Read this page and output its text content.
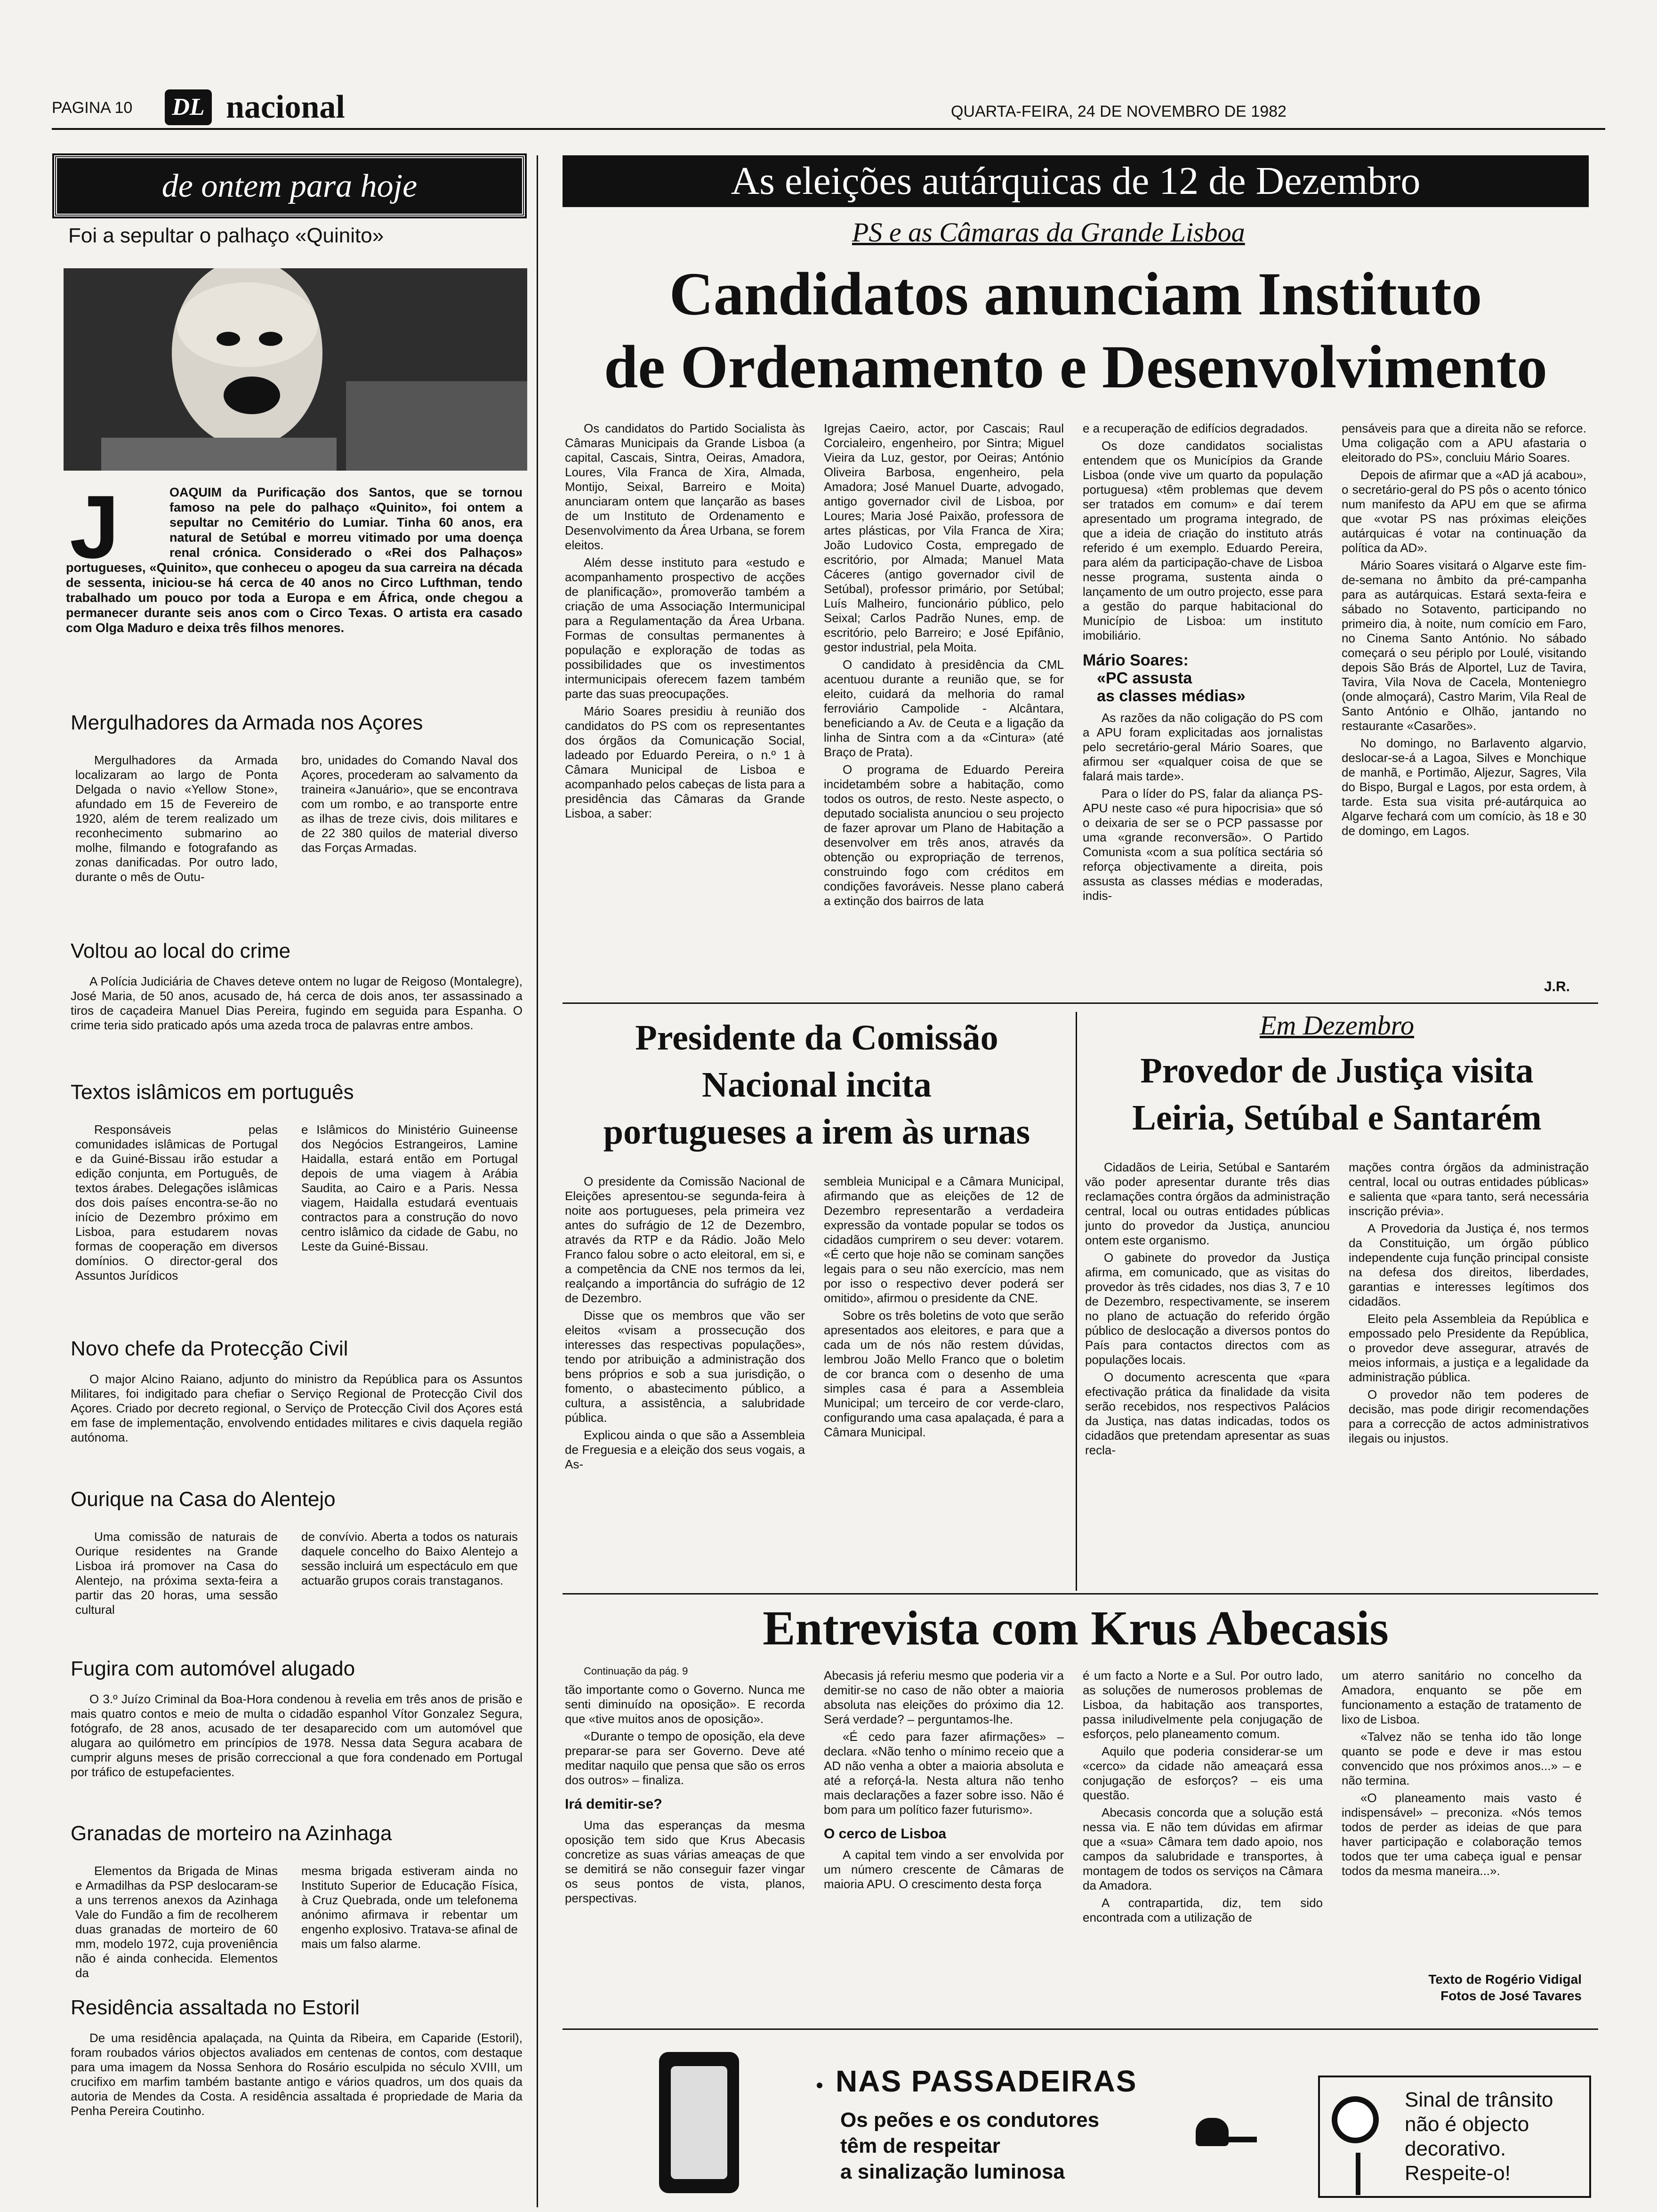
PAGINA 10 DL nacional	QUARTA-FEIRA, 24 DE NOVEMBRO DE 1982
de ontem para hoje
Foi a sepultar o palhaço «Quinito»
J	OAQUIM da Purificação dos Santos, que se tornou famoso na pele do palhaço «Quinito», foi ontem a sepultar no Cemitério do Lumiar. Tinha 60 anos, era natural de Setúbal e morreu vitimado por uma doença renal crónica. Considerado o «Rei dos Palhaços» portugueses, «Quinito», que conheceu o apogeu da sua carreira na década de sessenta, iniciou-se há cerca de 40 anos no Circo Lufthman, tendo trabalhado um pouco por toda a Europa e em África, onde chegou a permanecer durante seis anos com o Circo Texas. O artista era casado com Olga Maduro e deixa três filhos menores.
Mergulhadores da Armada nos Açores

Mergulhadores da Armada localizaram ao largo de Ponta Delgada o navio «Yellow Stone», afundado em 15 de Fevereiro de 1920, além de terem realizado um reconhecimento submarino ao molhe, filmando e fotografando as zonas danificadas. Por outro lado, durante o mês de Outu-

bro, unidades do Comando Naval dos Açores, procederam ao salvamento da traineira «Januário», que se encontrava com um rombo, e ao transporte entre as ilhas de treze civis, dois militares e de 22 380 quilos de material diverso das Forças Armadas.

Voltou ao local do crime

A Polícia Judiciária de Chaves deteve ontem no lugar de Reigoso (Montalegre), José Maria, de 50 anos, acusado de, há cerca de dois anos, ter assassinado a tiros de caçadeira Manuel Dias Pereira, fugindo em seguida para Espanha. O crime teria sido praticado após uma azeda troca de palavras entre ambos.

Textos islâmicos em português

Responsáveis pelas comunidades islâmicas de Portugal e da Guiné-Bissau irão estudar a edição conjunta, em Português, de textos árabes. Delegações islâmicas dos dois países encontra-se-ão no início de Dezembro próximo em Lisboa, para estudarem novas formas de cooperação em diversos domínios. O director-geral dos Assuntos Jurídicos

e Islâmicos do Ministério Guineense dos Negócios Estrangeiros, Lamine Haidalla, estará então em Portugal depois de uma viagem à Arábia Saudita, ao Cairo e a Paris. Nessa viagem, Haidalla estudará eventuais contractos para a construção do novo centro islâmico da cidade de Gabu, no Leste da Guiné-Bissau.

Novo chefe da Protecção Civil

O major Alcino Raiano, adjunto do ministro da República para os Assuntos Militares, foi indigitado para chefiar o Serviço Regional de Protecção Civil dos Açores. Criado por decreto regional, o Serviço de Protecção Civil dos Açores está em fase de implementação, envolvendo entidades militares e civis daquela região autónoma.

Ourique na Casa do Alentejo

Uma comissão de naturais de Ourique residentes na Grande Lisboa irá promover na Casa do Alentejo, na próxima sexta-feira a partir das 20 horas, uma sessão cultural

de convívio. Aberta a todos os naturais daquele concelho do Baixo Alentejo a sessão incluirá um espectáculo em que actuarão grupos corais transtaganos.

Fugira com automóvel alugado

O 3.º Juízo Criminal da Boa-Hora condenou à revelia em três anos de prisão e mais quatro contos e meio de multa o cidadão espanhol Vítor Gonzalez Segura, fotógrafo, de 28 anos, acusado de ter desaparecido com um automóvel que alugara ao quilómetro em princípios de 1978. Nessa data Segura acabara de cumprir alguns meses de prisão correccional a que fora condenado em Portugal por tráfico de estupefacientes.

Granadas de morteiro na Azinhaga

Elementos da Brigada de Minas e Armadilhas da PSP deslocaram-se a uns terrenos anexos da Azinhaga Vale do Fundão a fim de recolherem duas granadas de morteiro de 60 mm, modelo 1972, cuja proveniência não é ainda conhecida. Elementos da

mesma brigada estiveram ainda no Instituto Superior de Educação Física, à Cruz Quebrada, onde um telefonema anónimo afirmava ir rebentar um engenho explosivo. Tratava-se afinal de mais um falso alarme.

Residência assaltada no Estoril

De uma residência apalaçada, na Quinta da Ribeira, em Caparide (Estoril), foram roubados vários objectos avaliados em centenas de contos, com destaque para uma imagem da Nossa Senhora do Rosário esculpida no século XVIII, um crucifixo em marfim também bastante antigo e vários quadros, um dos quais da autoria de Mendes da Costa. A residência assaltada é propriedade de Maria da Penha Pereira Coutinho.

As eleições autárquicas de 12 de Dezembro
PS e as Câmaras da Grande Lisboa
Candidatos anunciam Instituto
de Ordenamento e Desenvolvimento

Os candidatos do Partido Socialista às Câmaras Municipais da Grande Lisboa (a capital, Cascais, Sintra, Oeiras, Amadora, Loures, Vila Franca de Xira, Almada, Montijo, Seixal, Barreiro e Moita) anunciaram ontem que lançarão as bases de um Instituto de Ordenamento e Desenvolvimento da Área Urbana, se forem eleitos.

Além desse instituto para «estudo e acompanhamento prospectivo de acções de planificação», promoverão também a criação de uma Associação Intermunicipal para a Regulamentação da Área Urbana. Formas de consultas permanentes à população e exploração de todas as possibilidades que os investimentos intermunicipais oferecem fazem também parte das suas preocupações.

Mário Soares presidiu à reunião dos candidatos do PS com os representantes dos órgãos da Comunicação Social, ladeado por Eduardo Pereira, o n.º 1 à Câmara Municipal de Lisboa e acompanhado pelos cabeças de lista para a presidência das Câmaras da Grande Lisboa, a saber:

Igrejas Caeiro, actor, por Cascais; Raul Corcialeiro, engenheiro, por Sintra; Miguel Vieira da Luz, gestor, por Oeiras; António Oliveira Barbosa, engenheiro, pela Amadora; José Manuel Duarte, advogado, antigo governador civil de Lisboa, por Loures; Maria José Paixão, professora de artes plásticas, por Vila Franca de Xira; João Ludovico Costa, empregado de escritório, por Almada; Manuel Mata Cáceres (antigo governador civil de Setúbal), professor primário, por Setúbal; Luís Malheiro, funcionário público, pelo Seixal; Carlos Padrão Nunes, emp. de escritório, pelo Barreiro; e José Epifânio, gestor industrial, pela Moita.

O candidato à presidência da CML acentuou durante a reunião que, se for eleito, cuidará da melhoria do ramal ferroviário Campolide - Alcântara, beneficiando a Av. de Ceuta e a ligação da linha de Sintra com a da «Cintura» (até Braço de Prata).

O programa de Eduardo Pereira incidetambém sobre a habitação, como todos os outros, de resto. Neste aspecto, o deputado socialista anunciou o seu projecto de fazer aprovar um Plano de Habitação a desenvolver em três anos, através da obtenção ou expropriação de terrenos, construindo fogo com créditos em condições favoráveis. Nesse plano caberá a extinção dos bairros de lata

e a recuperação de edifícios degradados.

Os doze candidatos socialistas entendem que os Municípios da Grande Lisboa (onde vive um quarto da população portuguesa) «têm problemas que devem ser tratados em comum» e daí terem apresentado um programa integrado, de que a ideia de criação do instituto atrás referido é um exemplo. Eduardo Pereira, para além da participação-chave de Lisboa nesse programa, sustenta ainda o lançamento de um outro projecto, esse para a gestão do parque habitacional do Município de Lisboa: um instituto imobiliário.

Mário Soares:
«PC assusta
as classes médias»

As razões da não coligação do PS com a APU foram explicitadas aos jornalistas pelo secretário-geral Mário Soares, que afirmou ser «qualquer coisa de que se falará mais tarde».

Para o líder do PS, falar da aliança PS-APU neste caso «é pura hipocrisia» que só o deixaria de ser se o PCP passasse por uma «grande reconversão». O Partido Comunista «com a sua política sectária só reforça objectivamente a direita, pois assusta as classes médias e moderadas, indis-

pensáveis para que a direita não se reforce. Uma coligação com a APU afastaria o eleitorado do PS», concluiu Mário Soares.

Depois de afirmar que a «AD já acabou», o secretário-geral do PS pôs o acento tónico num manifesto da APU em que se afirma que «votar PS nas próximas eleições autárquicas é votar na continuação da política da AD».

Mário Soares visitará o Algarve este fim-de-semana no âmbito da pré-campanha para as autárquicas. Estará sexta-feira e sábado no Sotavento, participando no primeiro dia, à noite, num comício em Faro, no Cinema Santo António. No sábado começará o seu périplo por Loulé, visitando depois São Brás de Alportel, Luz de Tavira, Tavira, Vila Nova de Cacela, Monteniegro (onde almoçará), Castro Marim, Vila Real de Santo António e Olhão, jantando no restaurante «Casarões».

No domingo, no Barlavento algarvio, deslocar-se-á a Lagoa, Silves e Monchique de manhã, e Portimão, Aljezur, Sagres, Vila do Bispo, Burgal e Lagos, por esta ordem, à tarde. Esta sua visita pré-autárquica ao Algarve fechará com um comício, às 18 e 30 de domingo, em Lagos.

J.R.
Presidente da Comissão
Nacional incita
portugueses a irem às urnas

O presidente da Comissão Nacional de Eleições apresentou-se segunda-feira à noite aos portugueses, pela primeira vez antes do sufrágio de 12 de Dezembro, através da RTP e da Rádio. João Melo Franco falou sobre o acto eleitoral, em si, e a competência da CNE nos termos da lei, realçando a importância do sufrágio de 12 de Dezembro.

Disse que os membros que vão ser eleitos «visam a prossecução dos interesses das respectivas populações», tendo por atribuição a administração dos bens próprios e sob a sua jurisdição, o fomento, o abastecimento público, a cultura, a assistência, a salubridade pública.

Explicou ainda o que são a Assembleia de Freguesia e a eleição dos seus vogais, a As-

sembleia Municipal e a Câmara Municipal, afirmando que as eleições de 12 de Dezembro representarão a verdadeira expressão da vontade popular se todos os cidadãos cumprirem o seu dever: votarem. «É certo que hoje não se cominam sanções legais para o seu não exercício, mas nem por isso o respectivo dever poderá ser omitido», afirmou o presidente da CNE.

Sobre os três boletins de voto que serão apresentados aos eleitores, e para que a cada um de nós não restem dúvidas, lembrou João Mello Franco que o boletim de cor branca com o desenho de uma simples casa é para a Assembleia Municipal; um terceiro de cor verde-claro, configurando uma casa apalaçada, é para a Câmara Municipal.

Em Dezembro
Provedor de Justiça visita
Leiria, Setúbal e Santarém

Cidadãos de Leiria, Setúbal e Santarém vão poder apresentar durante três dias reclamações contra órgãos da administração central, local ou outras entidades públicas junto do provedor da Justiça, anunciou ontem este organismo.

O gabinete do provedor da Justiça afirma, em comunicado, que as visitas do provedor às três cidades, nos dias 3, 7 e 10 de Dezembro, respectivamente, se inserem no plano de actuação do referido órgão público de deslocação a diversos pontos do País para contactos directos com as populações locais.

O documento acrescenta que «para efectivação prática da finalidade da visita serão recebidos, nos respectivos Palácios da Justiça, nas datas indicadas, todos os cidadãos que pretendam apresentar as suas recla-

mações contra órgãos da administração central, local ou outras entidades públicas» e salienta que «para tanto, será necessária inscrição prévia».

A Provedoria da Justiça é, nos termos da Constituição, um órgão público independente cuja função principal consiste na defesa dos direitos, liberdades, garantias e interesses legítimos dos cidadãos.

Eleito pela Assembleia da República e empossado pelo Presidente da República, o provedor deve assegurar, através de meios informais, a justiça e a legalidade da administração pública.

O provedor não tem poderes de decisão, mas pode dirigir recomendações para a correcção de actos administrativos ilegais ou injustos.

Entrevista com Krus Abecasis
Continuação da pág. 9

tão importante como o Governo. Nunca me senti diminuído na oposição». E recorda que «tive muitos anos de oposição».

«Durante o tempo de oposição, ela deve preparar-se para ser Governo. Deve até meditar naquilo que pensa que são os erros dos outros» – finaliza.

Irá demitir-se?

Uma das esperanças da mesma oposição tem sido que Krus Abecasis concretize as suas várias ameaças de que se demitirá se não conseguir fazer vingar os seus pontos de vista, planos, perspectivas.

Abecasis já referiu mesmo que poderia vir a demitir-se no caso de não obter a maioria absoluta nas eleições do próximo dia 12. Será verdade? – perguntamos-lhe.

«É cedo para fazer afirmações» – declara. «Não tenho o mínimo receio que a AD não venha a obter a maioria absoluta e até a reforçá-la. Nesta altura não tenho mais declarações a fazer sobre isso. Não é bom para um político fazer futurismo».

O cerco de Lisboa

A capital tem vindo a ser envolvida por um número crescente de Câmaras de maioria APU. O crescimento desta força

é um facto a Norte e a Sul. Por outro lado, as soluções de numerosos problemas de Lisboa, da habitação aos transportes, passa iniludivelmente pela conjugação de esforços, pelo planeamento comum.

Aquilo que poderia considerar-se um «cerco» da cidade não ameaçará essa conjugação de esforços? – eis uma questão.

Abecasis concorda que a solução está nessa via. E não tem dúvidas em afirmar que a «sua» Câmara tem dado apoio, nos campos da salubridade e transportes, à montagem de todos os serviços na Câmara da Amadora.

A contrapartida, diz, tem sido encontrada com a utilização de

um aterro sanitário no concelho da Amadora, enquanto se põe em funcionamento a estação de tratamento de lixo de Lisboa.

«Talvez não se tenha ido tão longe quanto se pode e deve ir mas estou convencido que nos próximos anos...» – e não termina.

«O planeamento mais vasto é indispensável» – preconiza. «Nós temos todos de perder as ideias de que para haver participação e colaboração temos todos que ter uma cabeça igual e pensar todos da mesma maneira...».

Texto de Rogério Vidigal
Fotos de José Tavares
NAS PASSADEIRAS
Os peões e os condutores
têm de respeitar
a sinalização luminosa
Sinal de trânsito
não é objecto
decorativo.
Respeite-o!
